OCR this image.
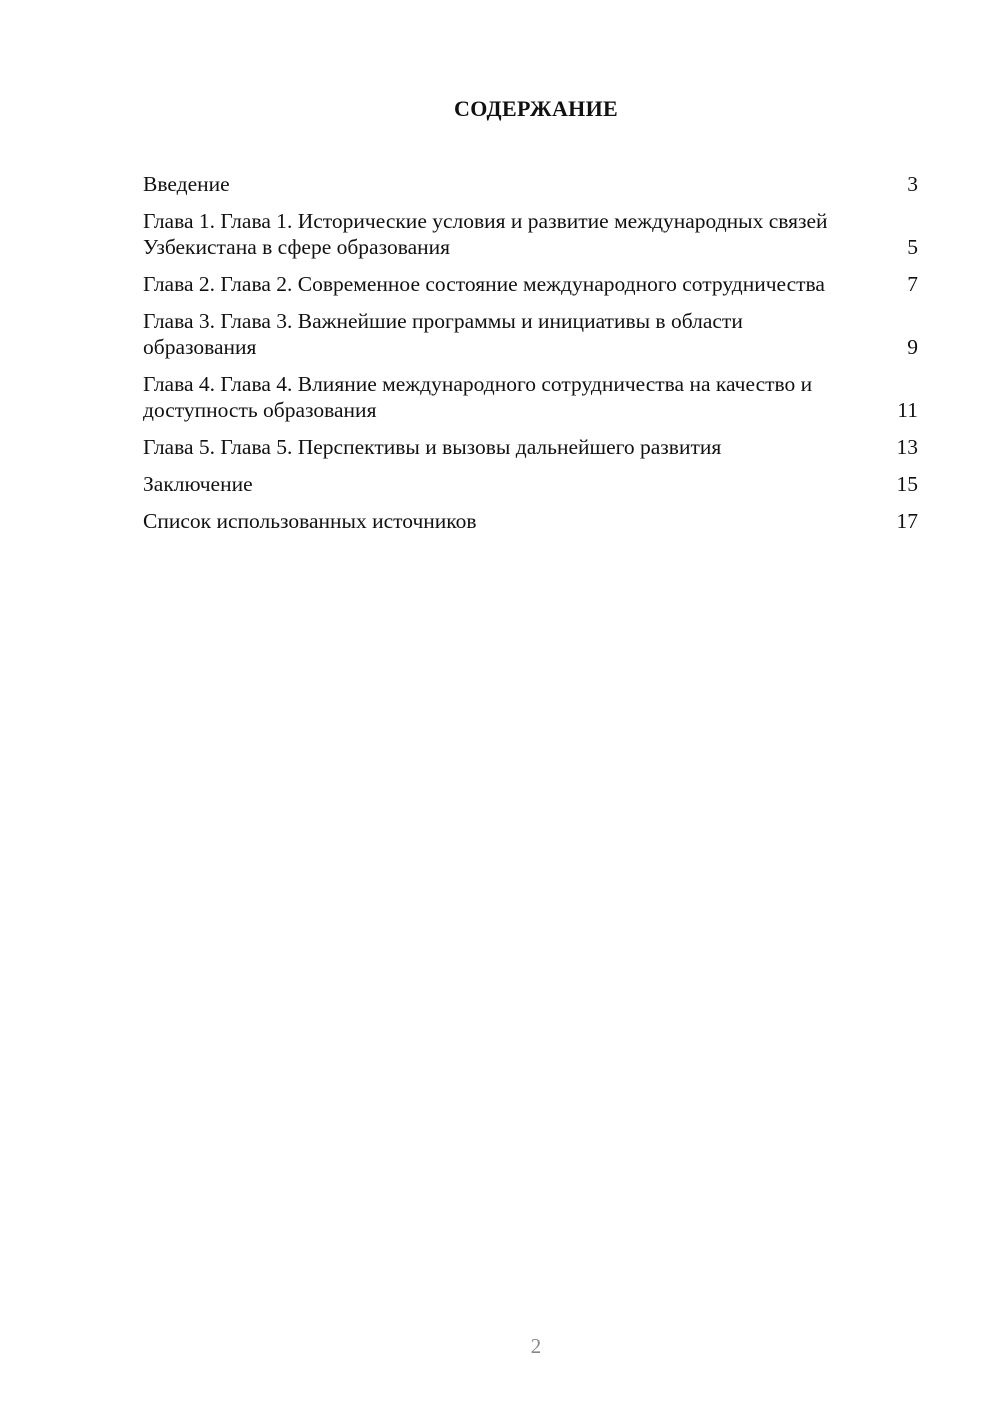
СОДЕРЖАНИЕ
Введение	3
Глава 1. Глава 1. Исторические условия и развитие международных связей Узбекистана в сфере образования	5
Глава 2. Глава 2. Современное состояние международного сотрудничества	7
Глава 3. Глава 3. Важнейшие программы и инициативы в области образования	9
Глава 4. Глава 4. Влияние международного сотрудничества на качество и доступность образования	11
Глава 5. Глава 5. Перспективы и вызовы дальнейшего развития	13
Заключение	15
Список использованных источников	17
2
